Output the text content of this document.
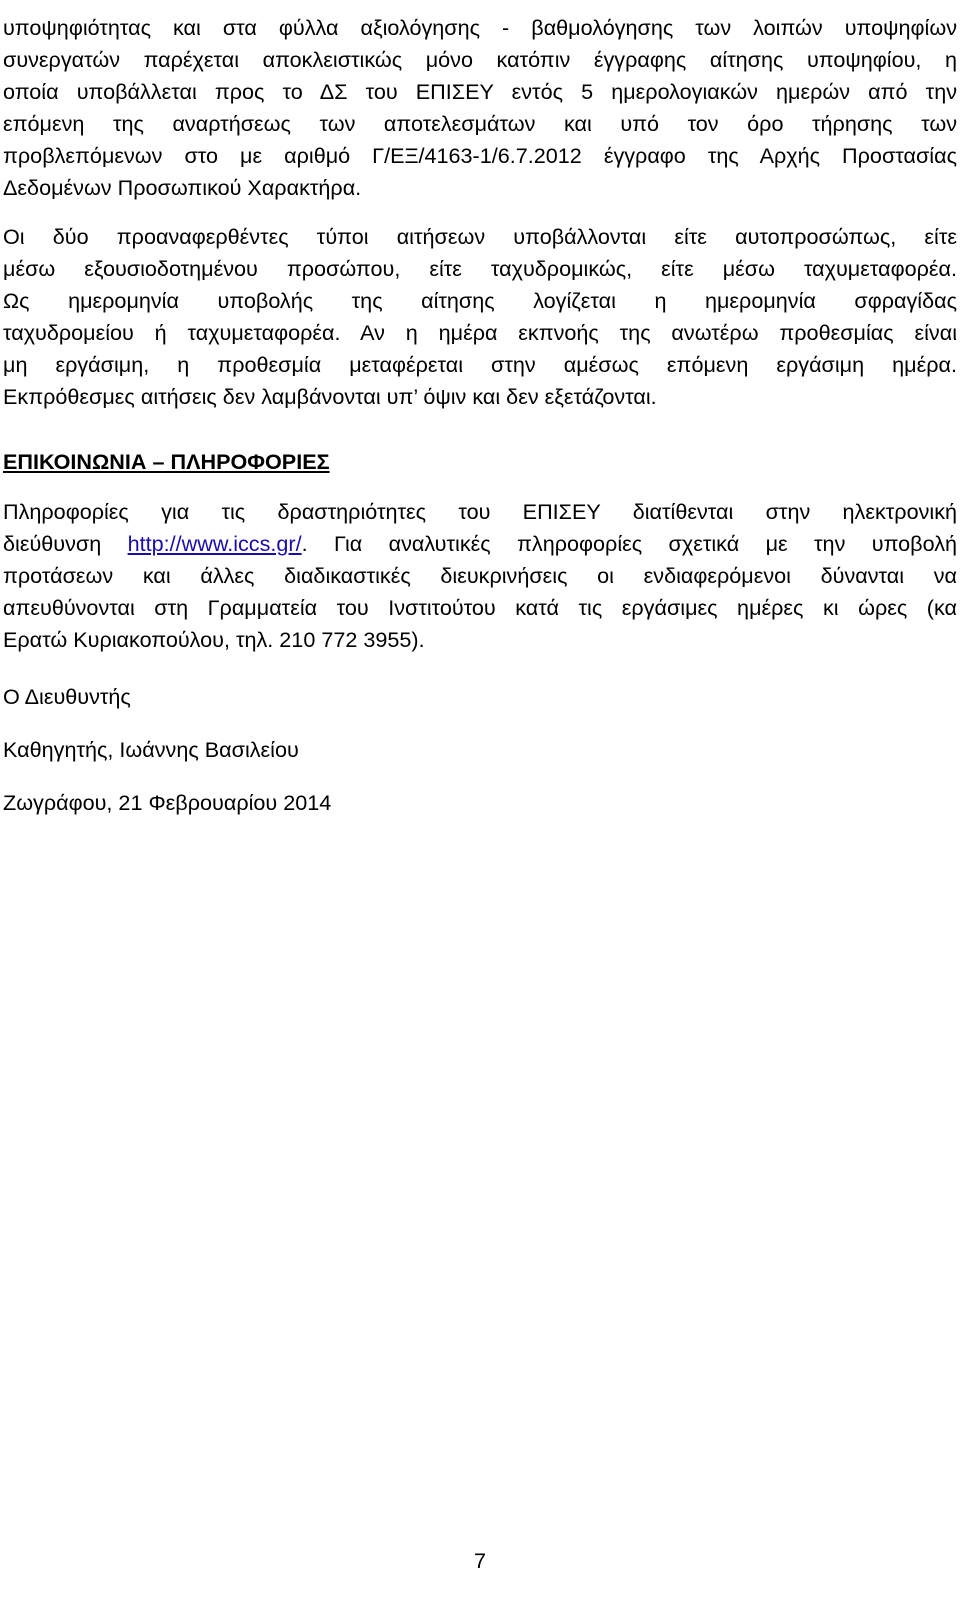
υποψηφιότητας και στα φύλλα αξιολόγησης - βαθμολόγησης των λοιπών υποψηφίων
συνεργατών παρέχεται αποκλειστικώς μόνο κατόπιν έγγραφης αίτησης υποψηφίου, η
οποία υποβάλλεται προς το ΔΣ του ΕΠΙΣΕΥ εντός 5 ημερολογιακών ημερών από την
επόμενη της αναρτήσεως των αποτελεσμάτων και υπό τον όρο τήρησης των
προβλεπόμενων στο με αριθμό Γ/ΕΞ/4163-1/6.7.2012 έγγραφο της Αρχής Προστασίας
Δεδομένων Προσωπικού Χαρακτήρα.
Οι δύο προαναφερθέντες τύποι αιτήσεων υποβάλλονται είτε αυτοπροσώπως, είτε
μέσω εξουσιοδοτημένου προσώπου, είτε ταχυδρομικώς, είτε μέσω ταχυμεταφορέα.
Ως ημερομηνία υποβολής της αίτησης λογίζεται η ημερομηνία σφραγίδας
ταχυδρομείου ή ταχυμεταφορέα. Αν η ημέρα εκπνοής της ανωτέρω προθεσμίας είναι
μη εργάσιμη, η προθεσμία μεταφέρεται στην αμέσως επόμενη εργάσιμη ημέρα.
Εκπρόθεσμες αιτήσεις δεν λαμβάνονται υπ’ όψιν και δεν εξετάζονται.
ΕΠΙΚΟΙΝΩΝΙΑ – ΠΛΗΡΟΦΟΡΙΕΣ
Πληροφορίες για τις δραστηριότητες του ΕΠΙΣΕΥ διατίθενται στην ηλεκτρονική
διεύθυνση http://www.iccs.gr/. Για αναλυτικές πληροφορίες σχετικά με την υποβολή
προτάσεων και άλλες διαδικαστικές διευκρινήσεις οι ενδιαφερόμενοι δύνανται να
απευθύνονται στη Γραμματεία του Ινστιτούτου κατά τις εργάσιμες ημέρες κι ώρες (κα
Ερατώ Κυριακοπούλου, τηλ. 210 772 3955).
Ο Διευθυντής
Καθηγητής, Ιωάννης Βασιλείου
Ζωγράφου, 21 Φεβρουαρίου 2014
7
